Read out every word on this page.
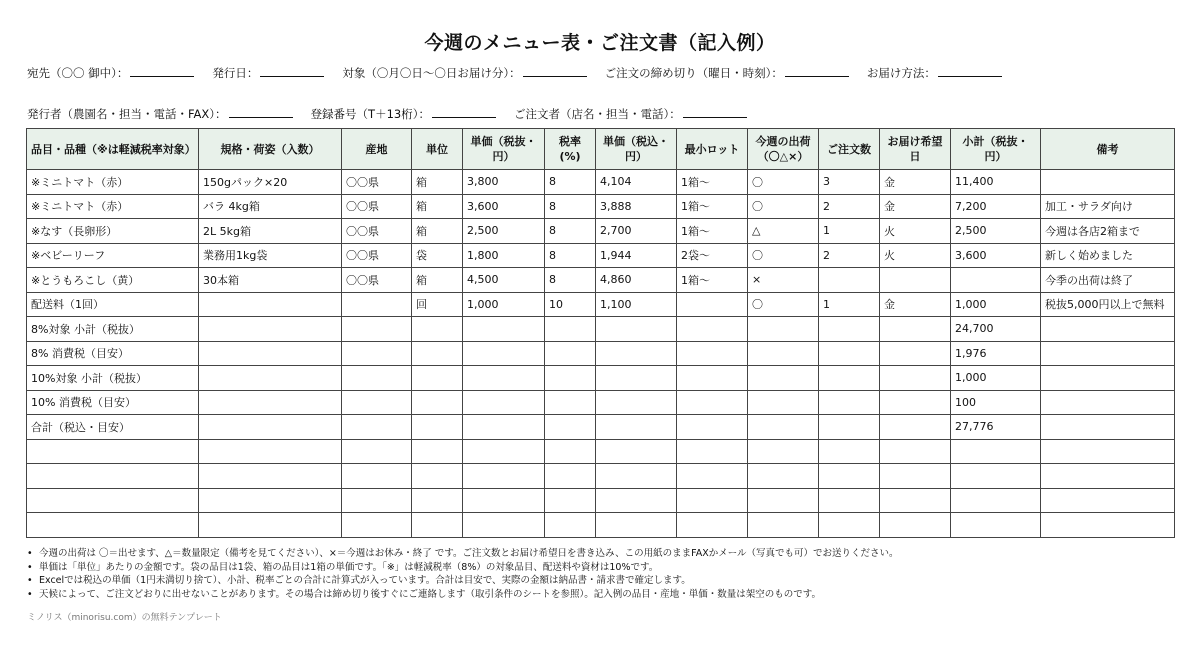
今週のメニュー表・ご注文書（記入例）
宛先（〇〇 御中）：	発行日：	対象（〇月〇日〜〇日お届け分）：	ご注文の締め切り（曜日・時刻）：	お届け方法：
発行者（農園名・担当・電話・FAX）：	登録番号（T＋13桁）：	ご注文者（店名・担当・電話）：
品目・品種（※は軽減税率対象）	規格・荷姿（入数）	産地	単位	単価（税抜・円）	税率(%)	単価（税込・円）	最小ロット	今週の出荷（〇△×）	ご注文数	お届け希望日	小計（税抜・円）	備考
※ミニトマト（赤）	150gパック×20	〇〇県	箱	3,800	8	4,104	1箱〜	〇	3	金	11,400	
※ミニトマト（赤）	バラ 4kg箱	〇〇県	箱	3,600	8	3,888	1箱〜	〇	2	金	7,200	加工・サラダ向け
※なす（長卵形）	2L 5kg箱	〇〇県	箱	2,500	8	2,700	1箱〜	△	1	火	2,500	今週は各店2箱まで
※ベビーリーフ	業務用1kg袋	〇〇県	袋	1,800	8	1,944	2袋〜	〇	2	火	3,600	新しく始めました
※とうもろこし（黄）	30本箱	〇〇県	箱	4,500	8	4,860	1箱〜	×				今季の出荷は終了
配送料（1回）			回	1,000	10	1,100		〇	1	金	1,000	税抜5,000円以上で無料
8%対象 小計（税抜）											24,700	
8% 消費税（目安）											1,976	
10%対象 小計（税抜）											1,000	
10% 消費税（目安）											100	
合計（税込・目安）											27,776	

• 今週の出荷は 〇＝出せます、△＝数量限定（備考を見てください）、×＝今週はお休み・終了 です。ご注文数とお届け希望日を書き込み、この用紙のままFAXかメール（写真でも可）でお送りください。
• 単価は「単位」あたりの金額です。袋の品目は1袋、箱の品目は1箱の単価です。「※」は軽減税率（8%）の対象品目、配送料や資材は10%です。
• Excelでは税込の単価（1円未満切り捨て）、小計、税率ごとの合計に計算式が入っています。合計は目安で、実際の金額は納品書・請求書で確定します。
• 天候によって、ご注文どおりに出せないことがあります。その場合は締め切り後すぐにご連絡します（取引条件のシートを参照）。記入例の品目・産地・単価・数量は架空のものです。
ミノリス（minorisu.com）の無料テンプレート
